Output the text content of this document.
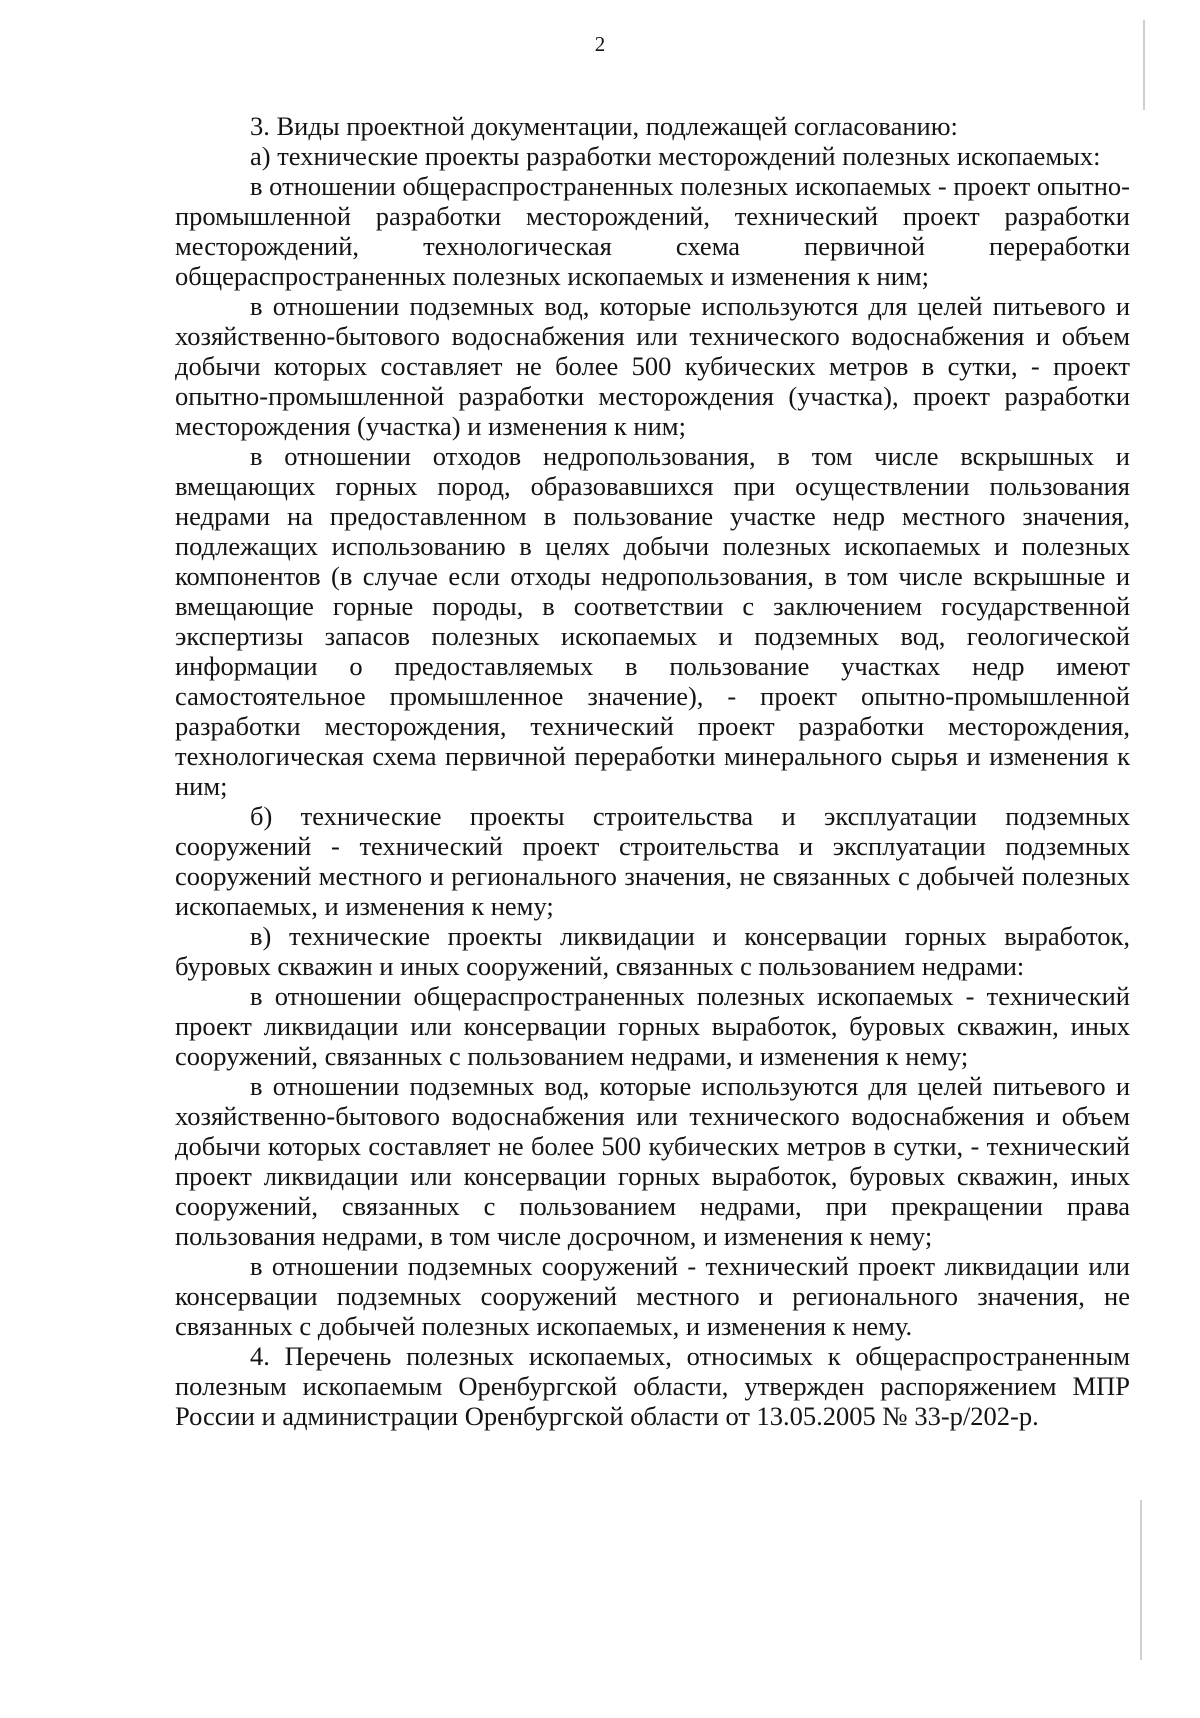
2

3. Виды проектной документации, подлежащей согласованию:

а) технические проекты разработки месторождений полезных ископаемых:

в отношении общераспространенных полезных ископаемых - проект опытно-промышленной разработки месторождений, технический проект разработки месторождений, технологическая схема первичной переработки общераспространенных полезных ископаемых и изменения к ним;

в отношении подземных вод, которые используются для целей питьевого и хозяйственно-бытового водоснабжения или технического водоснабжения и объем добычи которых составляет не более 500 кубических метров в сутки, - проект опытно-промышленной разработки месторождения (участка), проект разработки месторождения (участка) и изменения к ним;

в отношении отходов недропользования, в том числе вскрышных и вмещающих горных пород, образовавшихся при осуществлении пользования недрами на предоставленном в пользование участке недр местного значения, подлежащих использованию в целях добычи полезных ископаемых и полезных компонентов (в случае если отходы недропользования, в том числе вскрышные и вмещающие горные породы, в соответствии с заключением государственной экспертизы запасов полезных ископаемых и подземных вод, геологической информации о предоставляемых в пользование участках недр имеют самостоятельное промышленное значение), - проект опытно-промышленной разработки месторождения, технический проект разработки месторождения, технологическая схема первичной переработки минерального сырья и изменения к ним;

б) технические проекты строительства и эксплуатации подземных сооружений - технический проект строительства и эксплуатации подземных сооружений местного и регионального значения, не связанных с добычей полезных ископаемых, и изменения к нему;

в) технические проекты ликвидации и консервации горных выработок, буровых скважин и иных сооружений, связанных с пользованием недрами:

в отношении общераспространенных полезных ископаемых - технический проект ликвидации или консервации горных выработок, буровых скважин, иных сооружений, связанных с пользованием недрами, и изменения к нему;

в отношении подземных вод, которые используются для целей питьевого и хозяйственно-бытового водоснабжения или технического водоснабжения и объем добычи которых составляет не более 500 кубических метров в сутки, - технический проект ликвидации или консервации горных выработок, буровых скважин, иных сооружений, связанных с пользованием недрами, при прекращении права пользования недрами, в том числе досрочном, и изменения к нему;

в отношении подземных сооружений - технический проект ликвидации или консервации подземных сооружений местного и регионального значения, не связанных с добычей полезных ископаемых, и изменения к нему.

4. Перечень полезных ископаемых, относимых к общераспространенным полезным ископаемым Оренбургской области, утвержден распоряжением МПР России и администрации Оренбургской области от 13.05.2005 № 33-р/202-р.
